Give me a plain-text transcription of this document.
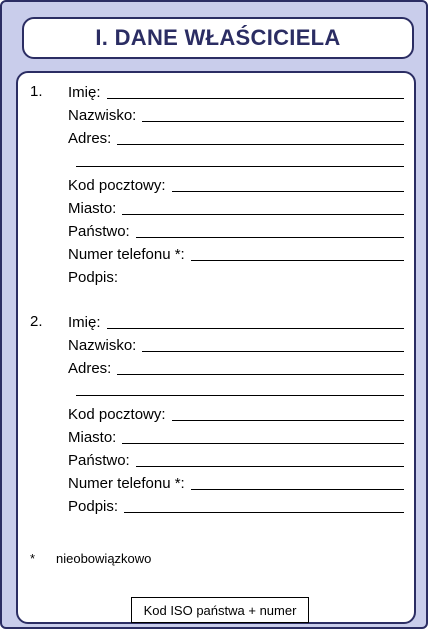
I. DANE WŁAŚCICIELA
1. Imię:
Nazwisko:
Adres:
Kod pocztowy:
Miasto:
Państwo:
Numer telefonu *:
Podpis:
2. Imię:
Nazwisko:
Adres:
Kod pocztowy:
Miasto:
Państwo:
Numer telefonu *:
Podpis:
*	nieobowiązkowo
Kod ISO państwa + numer
